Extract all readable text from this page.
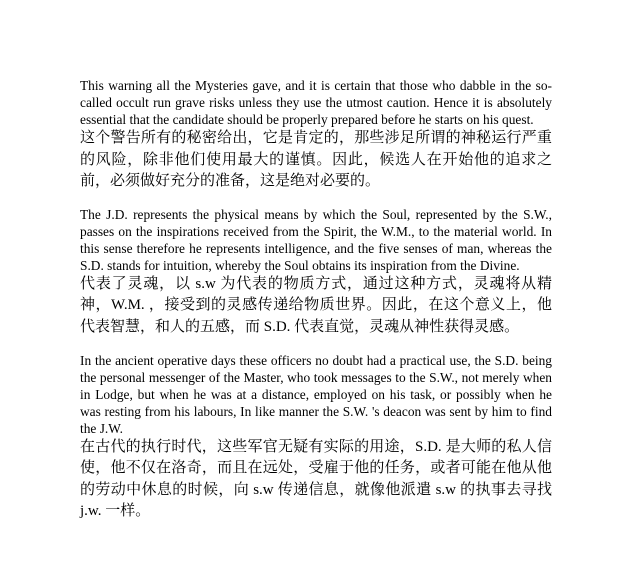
This warning all the Mysteries gave, and it is certain that those who dabble in the so-called occult run grave risks unless they use the utmost caution. Hence it is absolutely essential that the candidate should be properly prepared before he starts on his quest.
这个警告所有的秘密给出，它是肯定的，那些涉足所谓的神秘运行严重的风险，除非他们使用最大的谨慎。因此，候选人在开始他的追求之前，必须做好充分的准备，这是绝对必要的。
The J.D. represents the physical means by which the Soul, represented by the S.W., passes on the inspirations received from the Spirit, the W.M., to the material world. In this sense therefore he represents intelligence, and the five senses of man, whereas the S.D. stands for intuition, whereby the Soul obtains its inspiration from the Divine.
代表了灵魂，以 s.w 为代表的物质方式，通过这种方式，灵魂将从精神，W.M. ，接受到的灵感传递给物质世界。因此，在这个意义上，他代表智慧，和人的五感，而 S.D. 代表直觉，灵魂从神性获得灵感。
In the ancient operative days these officers no doubt had a practical use, the S.D. being the personal messenger of the Master, who took messages to the S.W., not merely when in Lodge, but when he was at a distance, employed on his task, or possibly when he was resting from his labours, In like manner the S.W. 's deacon was sent by him to find the J.W.
在古代的执行时代，这些军官无疑有实际的用途，S.D. 是大师的私人信使，他不仅在洛奇，而且在远处，受雇于他的任务，或者可能在他从他的劳动中休息的时候，向 s.w 传递信息，就像他派遣 s.w 的执事去寻找 j.w. 一样。
